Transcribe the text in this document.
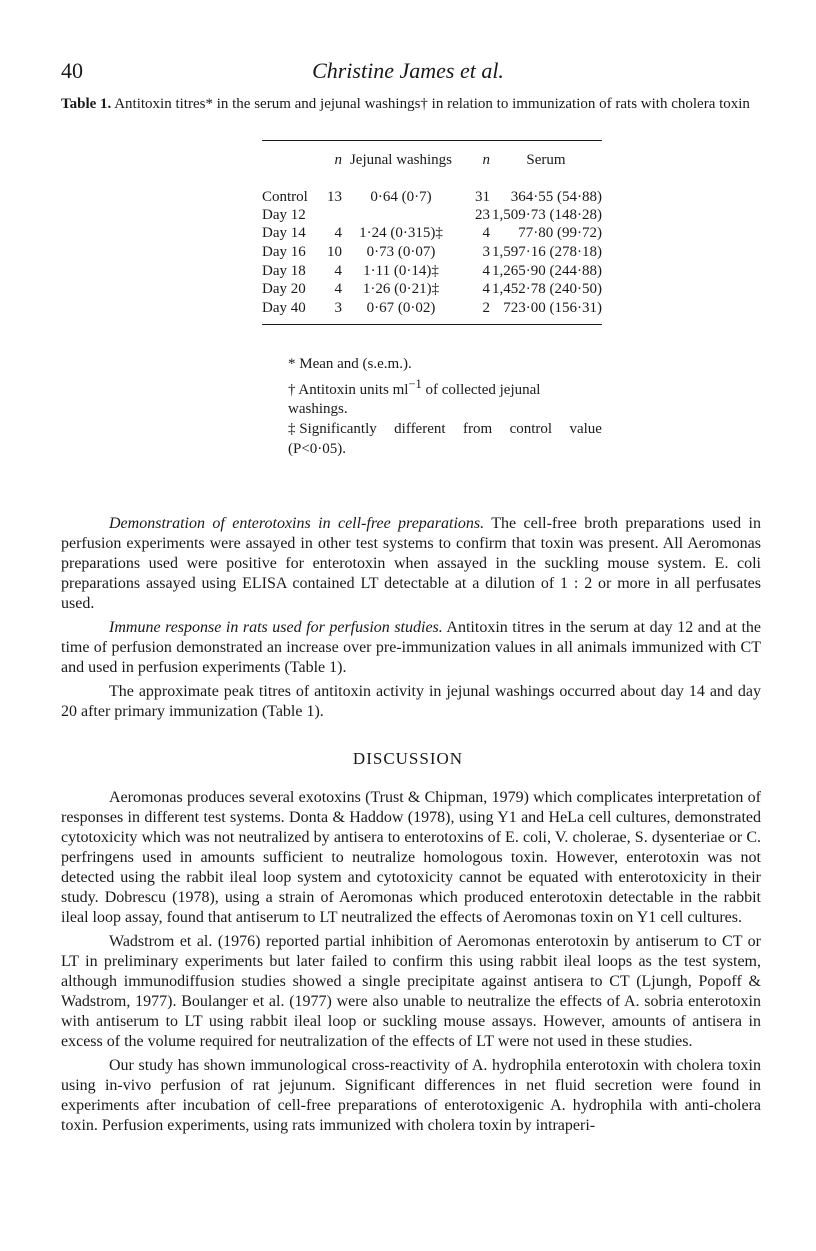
40	Christine James et al.
Table 1. Antitoxin titres* in the serum and jejunal washings† in relation to immunization of rats with cholera toxin
	n	Jejunal washings	n	Serum
Control	13	0·64 (0·7)	31	364·55 (54·88)
Day 12			23	1,509·73 (148·28)
Day 14	4	1·24 (0·315)‡	4	77·80 (99·72)
Day 16	10	0·73 (0·07)	3	1,597·16 (278·18)
Day 18	4	1·11 (0·14)‡	4	1,265·90 (244·88)
Day 20	4	1·26 (0·21)‡	4	1,452·78 (240·50)
Day 40	3	0·67 (0·02)	2	723·00 (156·31)

* Mean and (s.e.m.).

† Antitoxin units $ml^{-1}$ of collected jejunal washings.

‡ Significantly different from control value

(P<0·05).

Demonstration of enterotoxins in cell-free preparations. The cell-free broth preparations used in perfusion experiments were assayed in other test systems to confirm that toxin was present. All Aeromonas preparations used were positive for enterotoxin when assayed in the suckling mouse system. E. coli preparations assayed using ELISA contained LT detectable at a dilution of 1 : 2 or more in all perfusates used.

Immune response in rats used for perfusion studies. Antitoxin titres in the serum at day 12 and at the time of perfusion demonstrated an increase over pre-immunization values in all animals immunized with CT and used in perfusion experiments (Table 1).

The approximate peak titres of antitoxin activity in jejunal washings occurred about day 14 and day 20 after primary immunization (Table 1).

DISCUSSION

Aeromonas produces several exotoxins (Trust & Chipman, 1979) which complicates interpretation of responses in different test systems. Donta & Haddow (1978), using Y1 and HeLa cell cultures, demonstrated cytotoxicity which was not neutralized by antisera to enterotoxins of E. coli, V. cholerae, S. dysenteriae or C. perfringens used in amounts sufficient to neutralize homologous toxin. However, enterotoxin was not detected using the rabbit ileal loop system and cytotoxicity cannot be equated with enterotoxicity in their study. Dobrescu (1978), using a strain of Aeromonas which produced enterotoxin detectable in the rabbit ileal loop assay, found that antiserum to LT neutralized the effects of Aeromonas toxin on Y1 cell cultures.

Wadstrom et al. (1976) reported partial inhibition of Aeromonas enterotoxin by antiserum to CT or LT in preliminary experiments but later failed to confirm this using rabbit ileal loops as the test system, although immunodiffusion studies showed a single precipitate against antisera to CT (Ljungh, Popoff & Wadstrom, 1977). Boulanger et al. (1977) were also unable to neutralize the effects of A. sobria enterotoxin with antiserum to LT using rabbit ileal loop or suckling mouse assays. However, amounts of antisera in excess of the volume required for neutralization of the effects of LT were not used in these studies.

Our study has shown immunological cross-reactivity of A. hydrophila enterotoxin with cholera toxin using in-vivo perfusion of rat jejunum. Significant differences in net fluid secretion were found in experiments after incubation of cell-free preparations of enterotoxigenic A. hydrophila with anti-cholera toxin. Perfusion experiments, using rats immunized with cholera toxin by intraperi-
